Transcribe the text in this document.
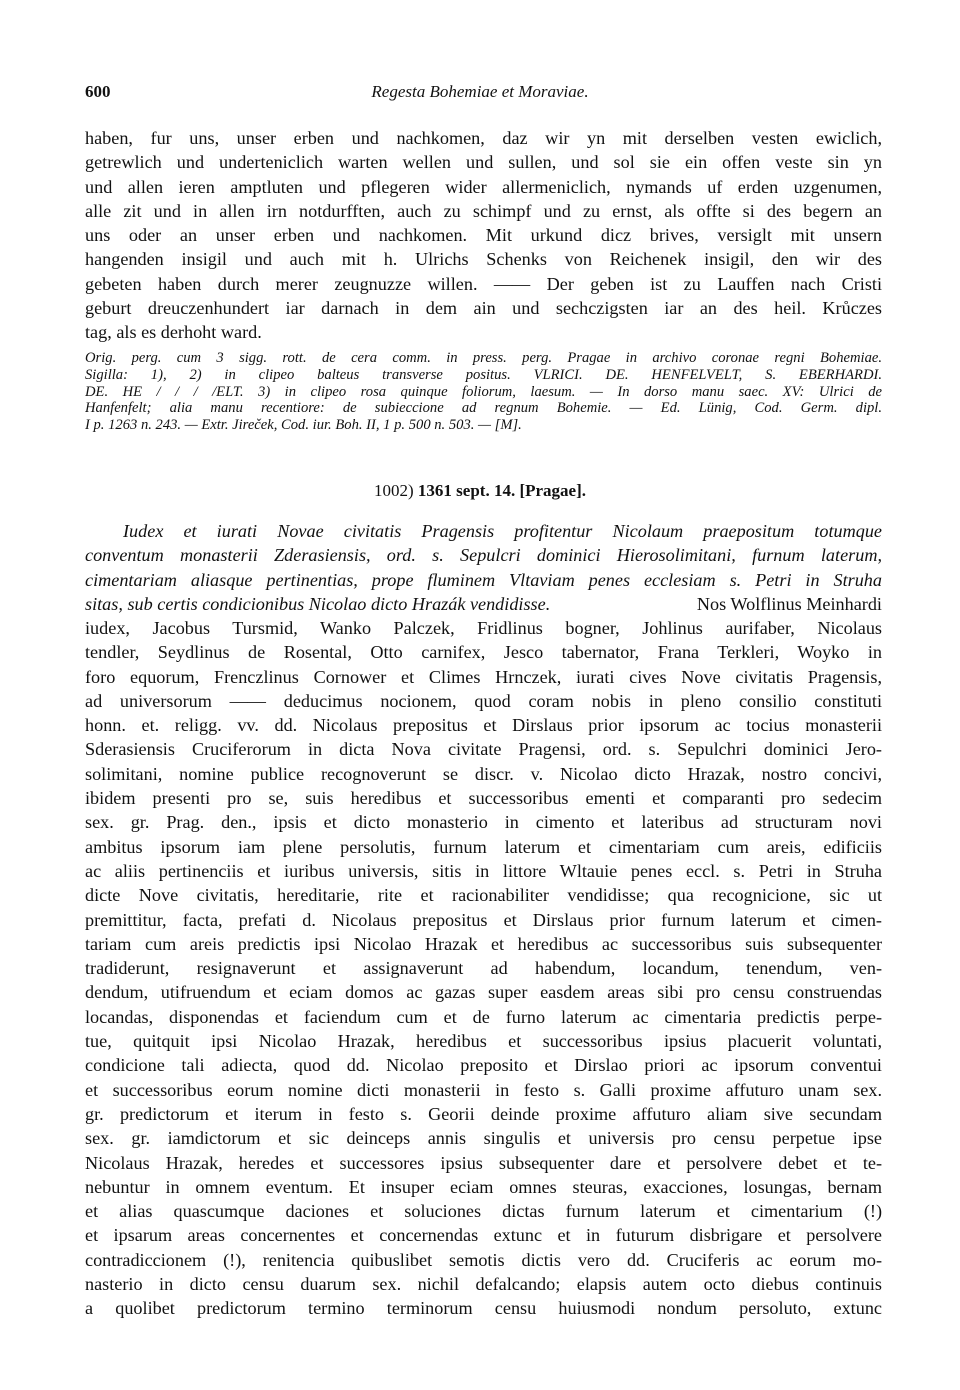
600	Regesta Bohemiae et Moraviae.
haben, fur uns, unser erben und nachkomen, daz wir yn mit derselben vesten ewiclich,
getrewlich und underteniclich warten wellen und sullen, und sol sie ein offen veste sin yn
und allen ieren amptluten und pflegeren wider allermeniclich, nymands uf erden uzgenumen,
alle zit und in allen irn notdurfften, auch zu schimpf und zu ernst, als offte si des begern an
uns oder an unser erben und nachkomen. Mit urkund dicz brives, versiglt mit unsern
hangenden insigil und auch mit h. Ulrichs Schenks von Reichenek insigil, den wir des
gebeten haben durch merer zeugnuzze willen. —— Der geben ist zu Lauffen nach Cristi
geburt dreuczenhundert iar darnach in dem ain und sechczigsten iar an des heil. Krůczes
tag, als es derhoht ward.
Orig. perg. cum 3 sigg. rott. de cera comm. in press. perg. Pragae in archivo coronae regni Bohemiae.
Sigilla: 1), 2) in clipeo balteus transverse positus. VLRICI. DE. HENFELVELT, S. EBERHARDI.
DE. HE / / / /ELT. 3) in clipeo rosa quinque foliorum, laesum. — In dorso manu saec. XV: Ulrici de
Hanfenfelt; alia manu recentiore: de subieccione ad regnum Bohemie. — Ed. Lünig, Cod. Germ. dipl.
I p. 1263 n. 243. — Extr. Jireček, Cod. iur. Boh. II, 1 p. 500 n. 503. — [M].
1002) 1361 sept. 14. [Pragae].
Iudex et iurati Novae civitatis Pragensis profitentur Nicolaum praepositum totumque
conventum monasterii Zderasiensis, ord. s. Sepulcri dominici Hierosolimitani, furnum laterum,
cimentariam aliasque pertinentias, prope fluminem Vltaviam penes ecclesiam s. Petri in Struha
sitas, sub certis condicionibus Nicolao dicto Hrazák vendidisse.	Nos Wolflinus Meinhardi
iudex, Jacobus Tursmid, Wanko Palczek, Fridlinus bogner, Johlinus aurifaber, Nicolaus
tendler, Seydlinus de Rosental, Otto carnifex, Jesco tabernator, Frana Terkleri, Woyko in
foro equorum, Frenczlinus Cornower et Climes Hrnczek, iurati cives Nove civitatis Pragensis,
ad universorum —— deducimus nocionem, quod coram nobis in pleno consilio constituti
honn. et. religg. vv. dd. Nicolaus prepositus et Dirslaus prior ipsorum ac tocius monasterii
Sderasiensis Cruciferorum in dicta Nova civitate Pragensi, ord. s. Sepulchri dominici Jero-
solimitani, nomine publice recognoverunt se discr. v. Nicolao dicto Hrazak, nostro concivi,
ibidem presenti pro se, suis heredibus et successoribus ementi et comparanti pro sedecim
sex. gr. Prag. den., ipsis et dicto monasterio in cimento et lateribus ad structuram novi
ambitus ipsorum iam plene persolutis, furnum laterum et cimentariam cum areis, edificiis
ac aliis pertinenciis et iuribus universis, sitis in littore Wltauie penes eccl. s. Petri in Struha
dicte Nove civitatis, hereditarie, rite et racionabiliter vendidisse; qua recognicione, sic ut
premittitur, facta, prefati d. Nicolaus prepositus et Dirslaus prior furnum laterum et cimen-
tariam cum areis predictis ipsi Nicolao Hrazak et heredibus ac successoribus suis subsequenter
tradiderunt, resignaverunt et assignaverunt ad habendum, locandum, tenendum, ven-
dendum, utifruendum et eciam domos ac gazas super easdem areas sibi pro censu construendas
locandas, disponendas et faciendum cum et de furno laterum ac cimentaria predictis perpe-
tue, quitquit ipsi Nicolao Hrazak, heredibus et successoribus ipsius placuerit voluntati,
condicione tali adiecta, quod dd. Nicolao preposito et Dirslao priori ac ipsorum conventui
et successoribus eorum nomine dicti monasterii in festo s. Galli proxime affuturo unam sex.
gr. predictorum et iterum in festo s. Georii deinde proxime affuturo aliam sive secundam
sex. gr. iamdictorum et sic deinceps annis singulis et universis pro censu perpetue ipse
Nicolaus Hrazak, heredes et successores ipsius subsequenter dare et persolvere debet et te-
nebuntur in omnem eventum. Et insuper eciam omnes steuras, exacciones, losungas, bernam
et alias quascumque daciones et soluciones dictas furnum laterum et cimentarium (!)
et ipsarum areas concernentes et concernendas extunc et in futurum disbrigare et persolvere
contradiccionem (!), renitencia quibuslibet semotis dictis vero dd. Cruciferis ac eorum mo-
nasterio in dicto censu duarum sex. nichil defalcando; elapsis autem octo diebus continuis
a quolibet predictorum termino terminorum censu huiusmodi nondum persoluto, extunc
